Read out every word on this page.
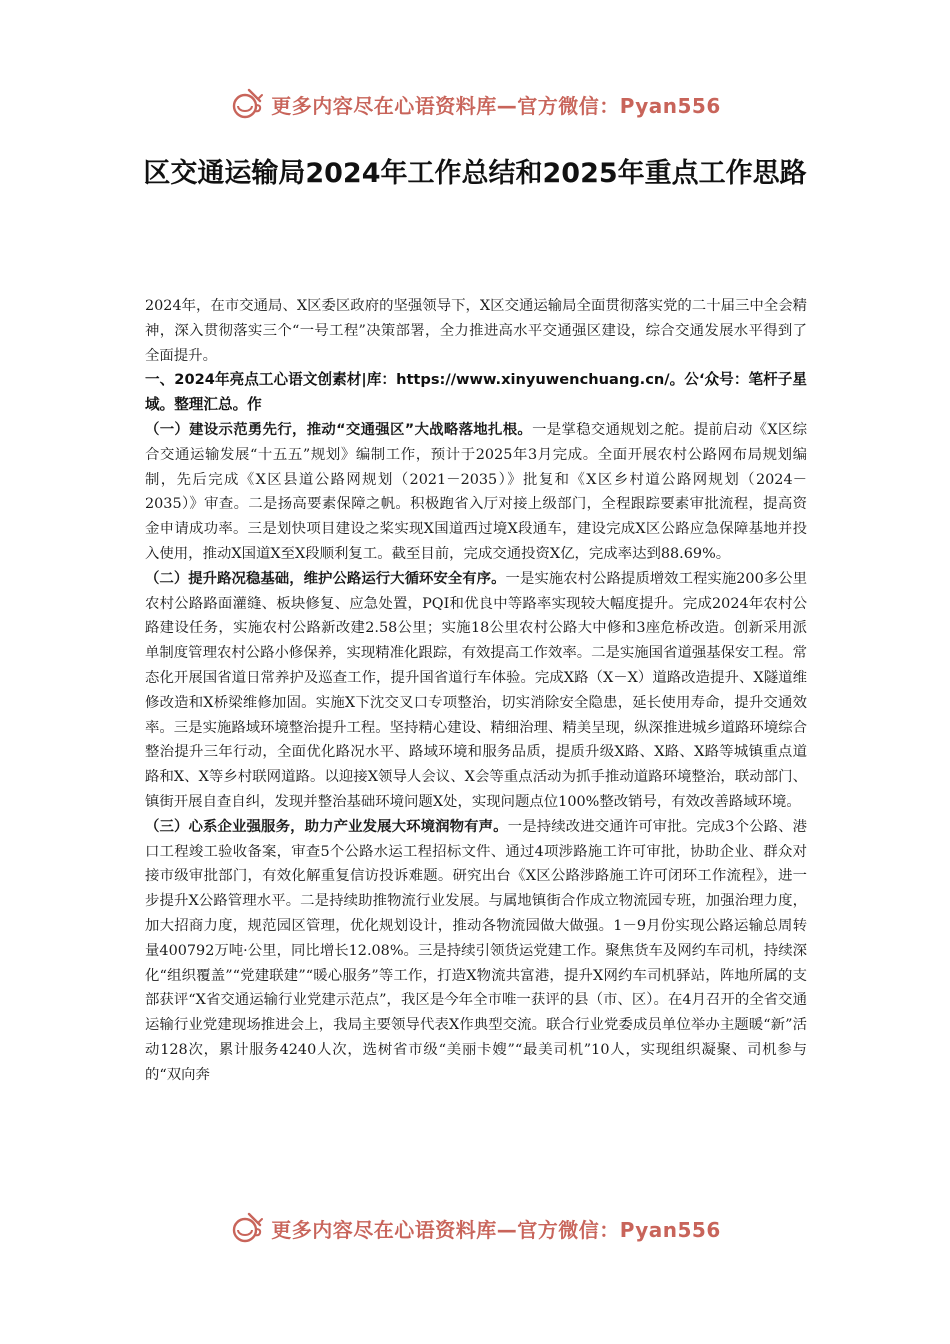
更多内容尽在心语资料库—官方微信：Pyan556
区交通运输局2024年工作总结和2025年重点工作思路

2024年，在市交通局、X区委区政府的坚强领导下，X区交通运输局全面贯彻落实党的二十届三中全会精神，深入贯彻落实三个“一号工程”决策部署，全力推进高水平交通强区建设，综合交通发展水平得到了全面提升。

一、2024年亮点工心语文创素材|库：https://www.xinyuwenchuang.cn/。公‘众号：笔杆子星域。整理汇总。作

（一）建设示范勇先行，推动“交通强区”大战略落地扎根。一是掌稳交通规划之舵。提前启动《X区综合交通运输发展“十五五”规划》编制工作，预计于2025年3月完成。全面开展农村公路网布局规划编制，先后完成《X区县道公路网规划（2021－2035）》批复和《X区乡村道公路网规划（2024－2035）》审查。二是扬高要素保障之帆。积极跑省入厅对接上级部门，全程跟踪要素审批流程，提高资金申请成功率。三是划快项目建设之桨实现X国道西过境X段通车，建设完成X区公路应急保障基地并投入使用，推动X国道X至X段顺利复工。截至目前，完成交通投资X亿，完成率达到88.69%。

（二）提升路况稳基础，维护公路运行大循环安全有序。一是实施农村公路提质增效工程实施200多公里农村公路路面灌缝、板块修复、应急处置，PQI和优良中等路率实现较大幅度提升。完成2024年农村公路建设任务，实施农村公路新改建2.58公里；实施18公里农村公路大中修和3座危桥改造。创新采用派单制度管理农村公路小修保养，实现精准化跟踪，有效提高工作效率。二是实施国省道强基保安工程。常态化开展国省道日常养护及巡查工作，提升国省道行车体验。完成X路（X－X）道路改造提升、X隧道维修改造和X桥梁维修加固。实施X下沈交叉口专项整治，切实消除安全隐患，延长使用寿命，提升交通效率。三是实施路域环境整治提升工程。坚持精心建设、精细治理、精美呈现，纵深推进城乡道路环境综合整治提升三年行动，全面优化路况水平、路域环境和服务品质，提质升级X路、X路、X路等城镇重点道路和X、X等乡村联网道路。以迎接X领导人会议、X会等重点活动为抓手推动道路环境整治，联动部门、镇街开展自查自纠，发现并整治基础环境问题X处，实现问题点位100%整改销号，有效改善路域环境。

（三）心系企业强服务，助力产业发展大环境润物有声。一是持续改进交通许可审批。完成3个公路、港口工程竣工验收备案，审查5个公路水运工程招标文件、通过4项涉路施工许可审批，协助企业、群众对接市级审批部门，有效化解重复信访投诉难题。研究出台《X区公路涉路施工许可闭环工作流程》，进一步提升X公路管理水平。二是持续助推物流行业发展。与属地镇街合作成立物流园专班，加强治理力度，加大招商力度，规范园区管理，优化规划设计，推动各物流园做大做强。1－9月份实现公路运输总周转量400792万吨·公里，同比增长12.08%。三是持续引领货运党建工作。聚焦货车及网约车司机，持续深化“组织覆盖”“党建联建”“暖心服务”等工作，打造X物流共富港，提升X网约车司机驿站，阵地所属的支部获评“X省交通运输行业党建示范点”，我区是今年全市唯一获评的县（市、区）。在4月召开的全省交通运输行业党建现场推进会上，我局主要领导代表X作典型交流。联合行业党委成员单位举办主题暖“新”活动128次，累计服务4240人次，选树省市级“美丽卡嫂”“最美司机”10人，实现组织凝聚、司机参与的“双向奔

更多内容尽在心语资料库—官方微信：Pyan556
